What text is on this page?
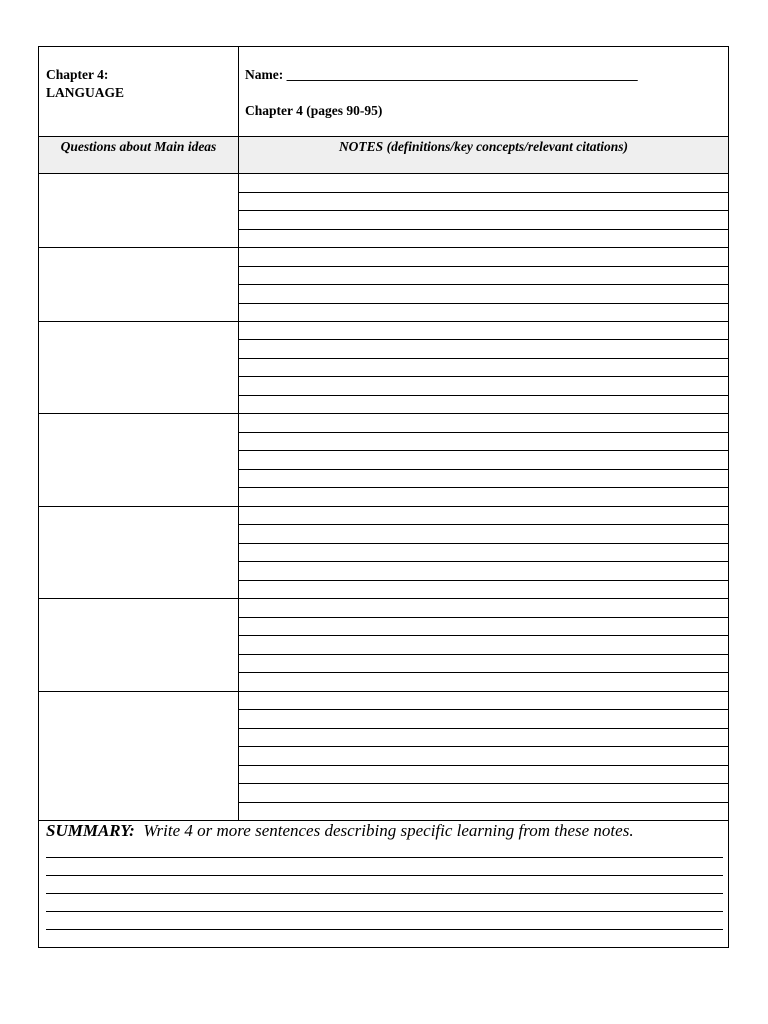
Chapter 4:
LANGUAGE
Name: ____________________________________________________
Chapter 4 (pages 90-95)
Questions about Main ideas	NOTES (definitions/key concepts/relevant citations)
SUMMARY: Write 4 or more sentences describing specific learning from these notes.
